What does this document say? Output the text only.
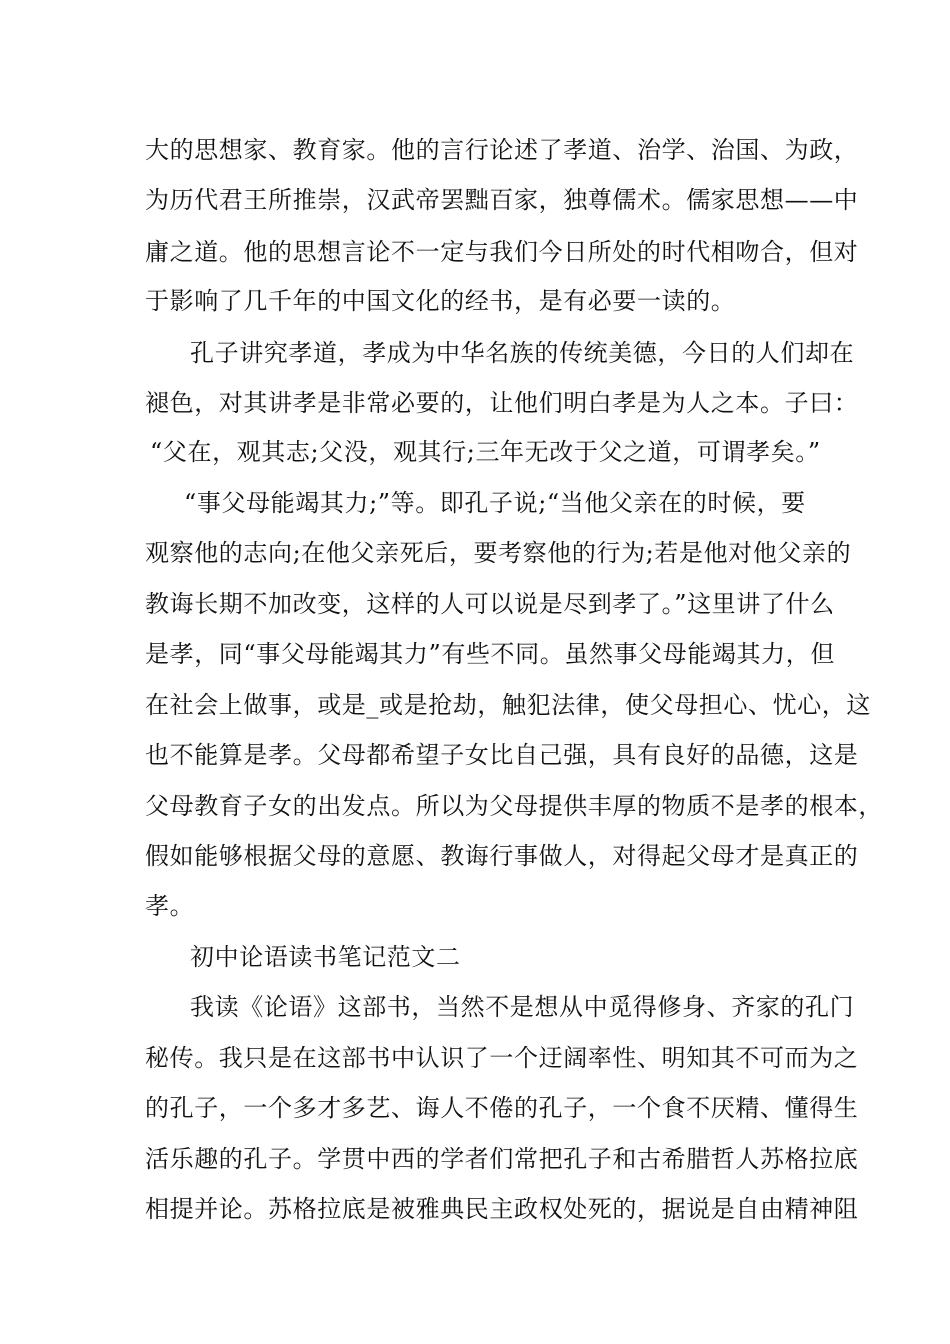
大的思想家、教育家。他的言行论述了孝道、治学、治国、为政，
为历代君王所推崇，汉武帝罢黜百家，独尊儒术。儒家思想——中
庸之道。他的思想言论不一定与我们今日所处的时代相吻合，但对
于影响了几千年的中国文化的经书，是有必要一读的。
孔子讲究孝道，孝成为中华名族的传统美德，今日的人们却在
褪色，对其讲孝是非常必要的，让他们明白孝是为人之本。子曰：
“父在，观其志;父没，观其行;三年无改于父之道，可谓孝矣。”
“事父母能竭其力;”等。即孔子说;“当他父亲在的时候，要
观察他的志向;在他父亲死后，要考察他的行为;若是他对他父亲的
教诲长期不加改变，这样的人可以说是尽到孝了。”这里讲了什么
是孝，同“事父母能竭其力”有些不同。虽然事父母能竭其力，但
在社会上做事，或是_或是抢劫，触犯法律，使父母担心、忧心，这
也不能算是孝。父母都希望子女比自己强，具有良好的品德，这是
父母教育子女的出发点。所以为父母提供丰厚的物质不是孝的根本，
假如能够根据父母的意愿、教诲行事做人，对得起父母才是真正的
孝。
初中论语读书笔记范文二
我读《论语》这部书，当然不是想从中觅得修身、齐家的孔门
秘传。我只是在这部书中认识了一个迂阔率性、明知其不可而为之
的孔子，一个多才多艺、诲人不倦的孔子，一个食不厌精、懂得生
活乐趣的孔子。学贯中西的学者们常把孔子和古希腊哲人苏格拉底
相提并论。苏格拉底是被雅典民主政权处死的，据说是自由精神阻
